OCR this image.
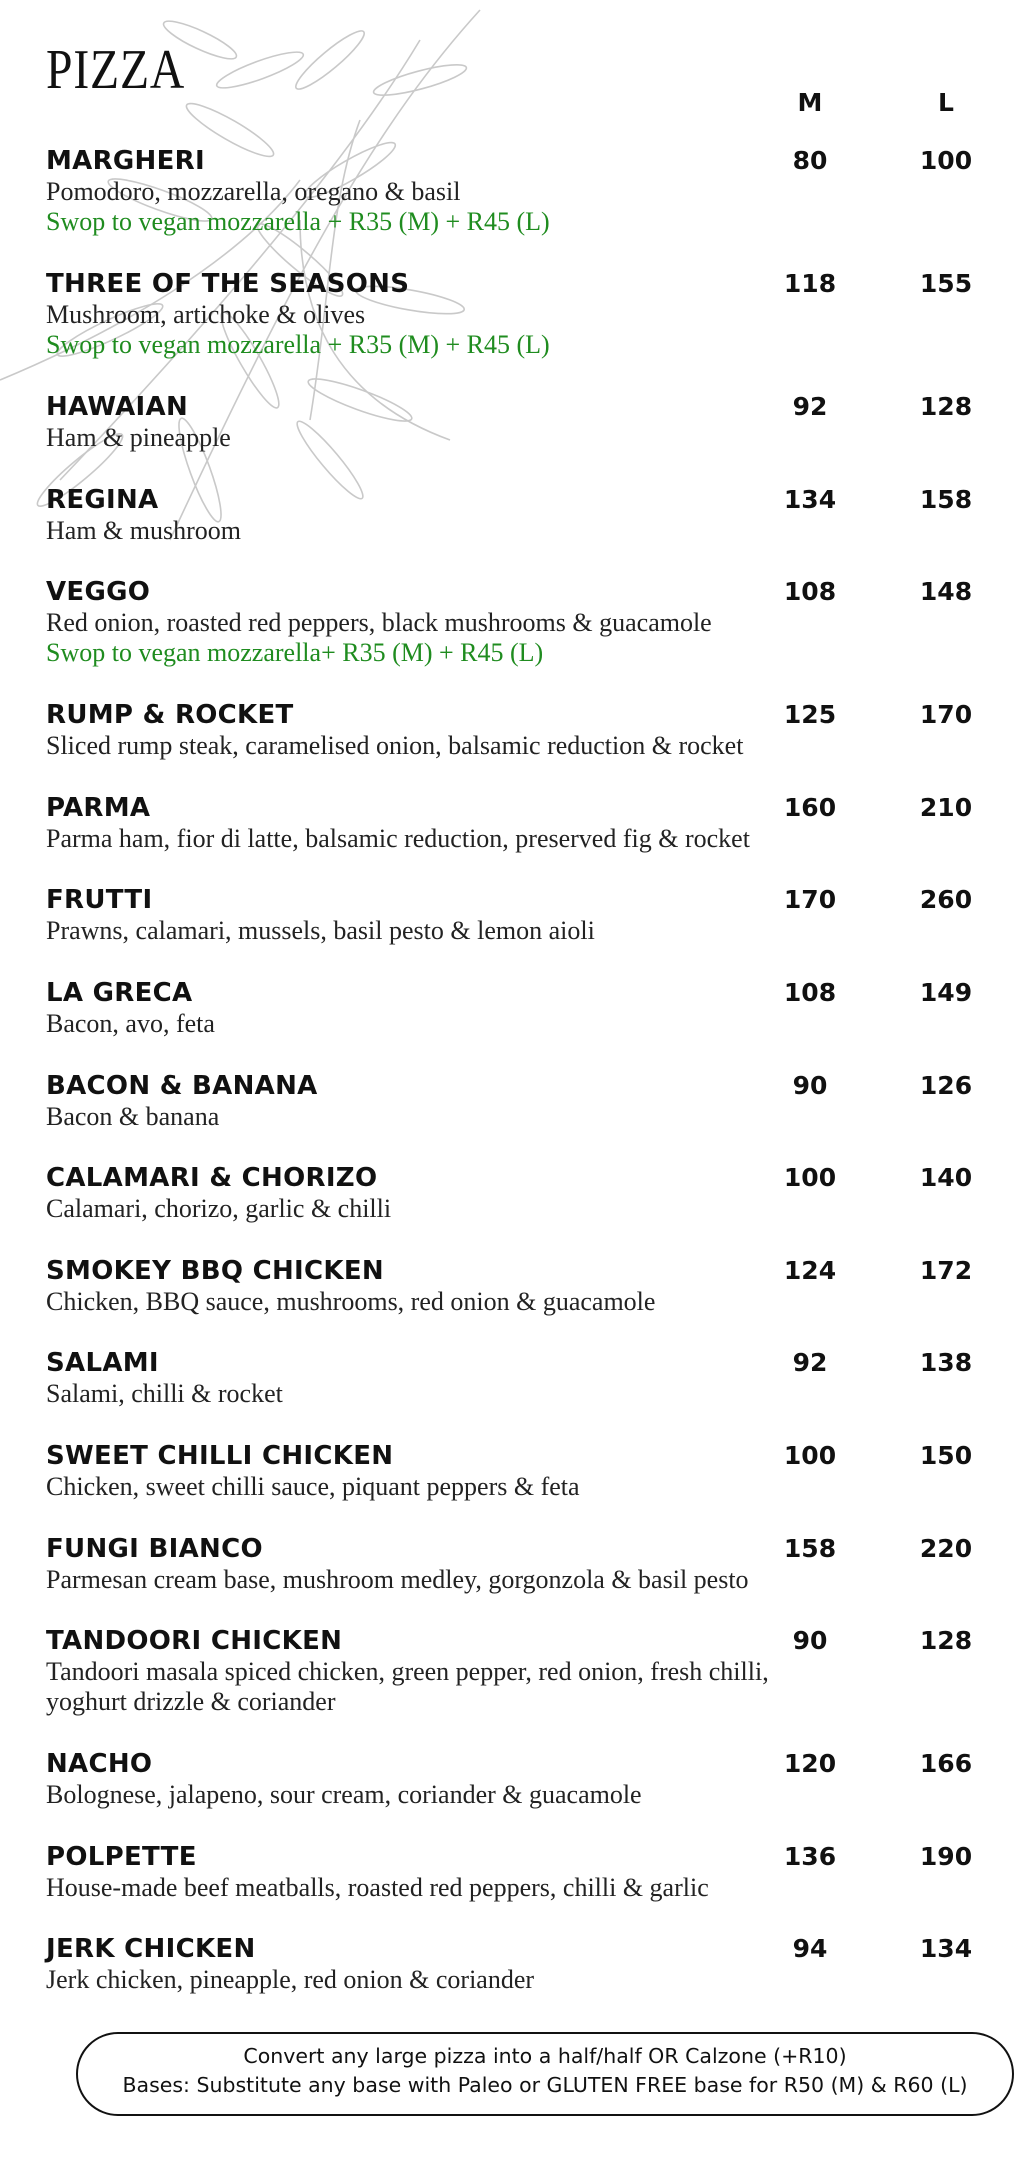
PIZZA
M	L
MARGHERI
Pomodoro, mozzarella, oregano & basil
Swop to vegan mozzarella + R35 (M) + R45 (L)
80	100
THREE OF THE SEASONS
Mushroom, artichoke & olives
Swop to vegan mozzarella + R35 (M) + R45 (L)
118	155
HAWAIAN
Ham & pineapple
92	128
REGINA
Ham & mushroom
134	158
VEGGO
Red onion, roasted red peppers, black mushrooms & guacamole
Swop to vegan mozzarella+ R35 (M) + R45 (L)
108	148
RUMP & ROCKET
Sliced rump steak, caramelised onion, balsamic reduction & rocket
125	170
PARMA
Parma ham, fior di latte, balsamic reduction, preserved fig & rocket
160	210
FRUTTI
Prawns, calamari, mussels, basil pesto & lemon aioli
170	260
LA GRECA
Bacon, avo, feta
108	149
BACON & BANANA
Bacon & banana
90	126
CALAMARI & CHORIZO
Calamari, chorizo, garlic & chilli
100	140
SMOKEY BBQ CHICKEN
Chicken, BBQ sauce, mushrooms, red onion & guacamole
124	172
SALAMI
Salami, chilli & rocket
92	138
SWEET CHILLI CHICKEN
Chicken, sweet chilli sauce, piquant peppers & feta
100	150
FUNGI BIANCO
Parmesan cream base, mushroom medley, gorgonzola & basil pesto
158	220
TANDOORI CHICKEN
Tandoori masala spiced chicken, green pepper, red onion, fresh chilli, yoghurt drizzle & coriander
90	128
NACHO
Bolognese, jalapeno, sour cream, coriander & guacamole
120	166
POLPETTE
House-made beef meatballs, roasted red peppers, chilli & garlic
136	190
JERK CHICKEN
Jerk chicken, pineapple, red onion & coriander
94	134
Convert any large pizza into a half/half OR Calzone (+R10)
Bases: Substitute any base with Paleo or GLUTEN FREE base for R50 (M) & R60 (L)
